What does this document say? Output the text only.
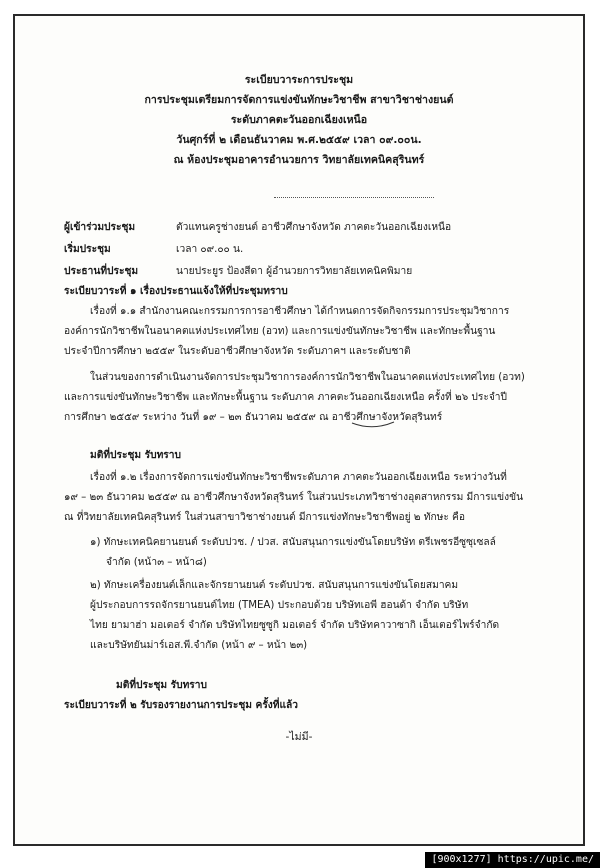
ระเบียบวาระการประชุม
การประชุมเตรียมการจัดการแข่งขันทักษะวิชาชีพ สาขาวิชาช่างยนต์
ระดับภาคตะวันออกเฉียงเหนือ
วันศุกร์ที่ ๒ เดือนธันวาคม พ.ศ.๒๕๕๙ เวลา ๐๙.๐๐น.
ณ ห้องประชุมอาคารอำนวยการ วิทยาลัยเทคนิคสุรินทร์
ผู้เข้าร่วมประชุม	ตัวแทนครูช่างยนต์ อาชีวศึกษาจังหวัด ภาคตะวันออกเฉียงเหนือ
เริ่มประชุม	เวลา ๐๙.๐๐ น.
ประธานที่ประชุม	นายประยูร ป้องสีดา ผู้อำนวยการวิทยาลัยเทคนิคพิมาย
ระเบียบวาระที่ ๑ เรื่องประธานแจ้งให้ที่ประชุมทราบ
เรื่องที่ ๑.๑ สำนักงานคณะกรรมการการอาชีวศึกษา ได้กำหนดการจัดกิจกรรมการประชุมวิชาการ
องค์การนักวิชาชีพในอนาคตแห่งประเทศไทย (อวท) และการแข่งขันทักษะวิชาชีพ และทักษะพื้นฐาน
ประจำปีการศึกษา ๒๕๕๙ ในระดับอาชีวศึกษาจังหวัด ระดับภาคฯ และระดับชาติ
ในส่วนของการดำเนินงานจัดการประชุมวิชาการองค์การนักวิชาชีพในอนาคตแห่งประเทศไทย (อวท)
และการแข่งขันทักษะวิชาชีพ และทักษะพื้นฐาน ระดับภาค ภาคตะวันออกเฉียงเหนือ ครั้งที่ ๒๖ ประจำปี
การศึกษา ๒๕๕๙ ระหว่าง วันที่ ๑๙ – ๒๓ ธันวาคม ๒๕๕๙ ณ อาชีวศึกษาจังหวัดสุรินทร์
มติที่ประชุม รับทราบ
เรื่องที่ ๑.๒ เรื่องการจัดการแข่งขันทักษะวิชาชีพระดับภาค ภาคตะวันออกเฉียงเหนือ ระหว่างวันที่
๑๙ – ๒๓ ธันวาคม ๒๕๕๙ ณ อาชีวศึกษาจังหวัดสุรินทร์ ในส่วนประเภทวิชาช่างอุตสาหกรรม มีการแข่งขัน
ณ ที่วิทยาลัยเทคนิคสุรินทร์ ในส่วนสาขาวิชาช่างยนต์ มีการแข่งทักษะวิชาชีพอยู่ ๒ ทักษะ คือ
๑) ทักษะเทคนิคยานยนต์ ระดับปวช. / ปวส. สนับสนุนการแข่งขันโดยบริษัท ตรีเพชรอีซูซุเซลล์
จำกัด (หน้า๓ – หน้า๘)
๒) ทักษะเครื่องยนต์เล็กและจักรยานยนต์ ระดับปวช. สนับสนุนการแข่งขันโดยสมาคม
ผู้ประกอบการรถจักรยานยนต์ไทย (TMEA) ประกอบด้วย บริษัทเอพี ฮอนด้า จำกัด บริษัท
ไทย ยามาฮ่า มอเตอร์ จำกัด บริษัทไทยซูซูกิ มอเตอร์ จำกัด บริษัทคาวาซากิ เอ็นเตอร์ไพร์จำกัด
และบริษัทยันม่าร์เอส.พี.จำกัด (หน้า ๙ – หน้า ๒๓)
มติที่ประชุม รับทราบ
ระเบียบวาระที่ ๒ รับรองรายงานการประชุม ครั้งที่แล้ว
-ไม่มี-
[900x1277] https://upic.me/
